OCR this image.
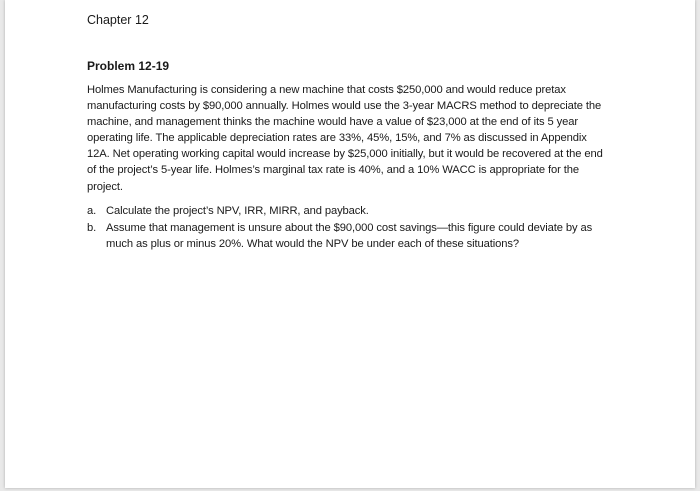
Chapter 12

Problem 12-19

Holmes Manufacturing is considering a new machine that costs $250,000 and would reduce pretax manufacturing costs by $90,000 annually. Holmes would use the 3-year MACRS method to depreciate the machine, and management thinks the machine would have a value of $23,000 at the end of its 5 year operating life. The applicable depreciation rates are 33%, 45%, 15%, and 7% as discussed in Appendix 12A. Net operating working capital would increase by $25,000 initially, but it would be recovered at the end of the project’s 5-year life. Holmes’s marginal tax rate is 40%, and a 10% WACC is appropriate for the project.

a. Calculate the project’s NPV, IRR, MIRR, and payback.
b. Assume that management is unsure about the $90,000 cost savings—this figure could deviate by as much as plus or minus 20%. What would the NPV be under each of these situations?
